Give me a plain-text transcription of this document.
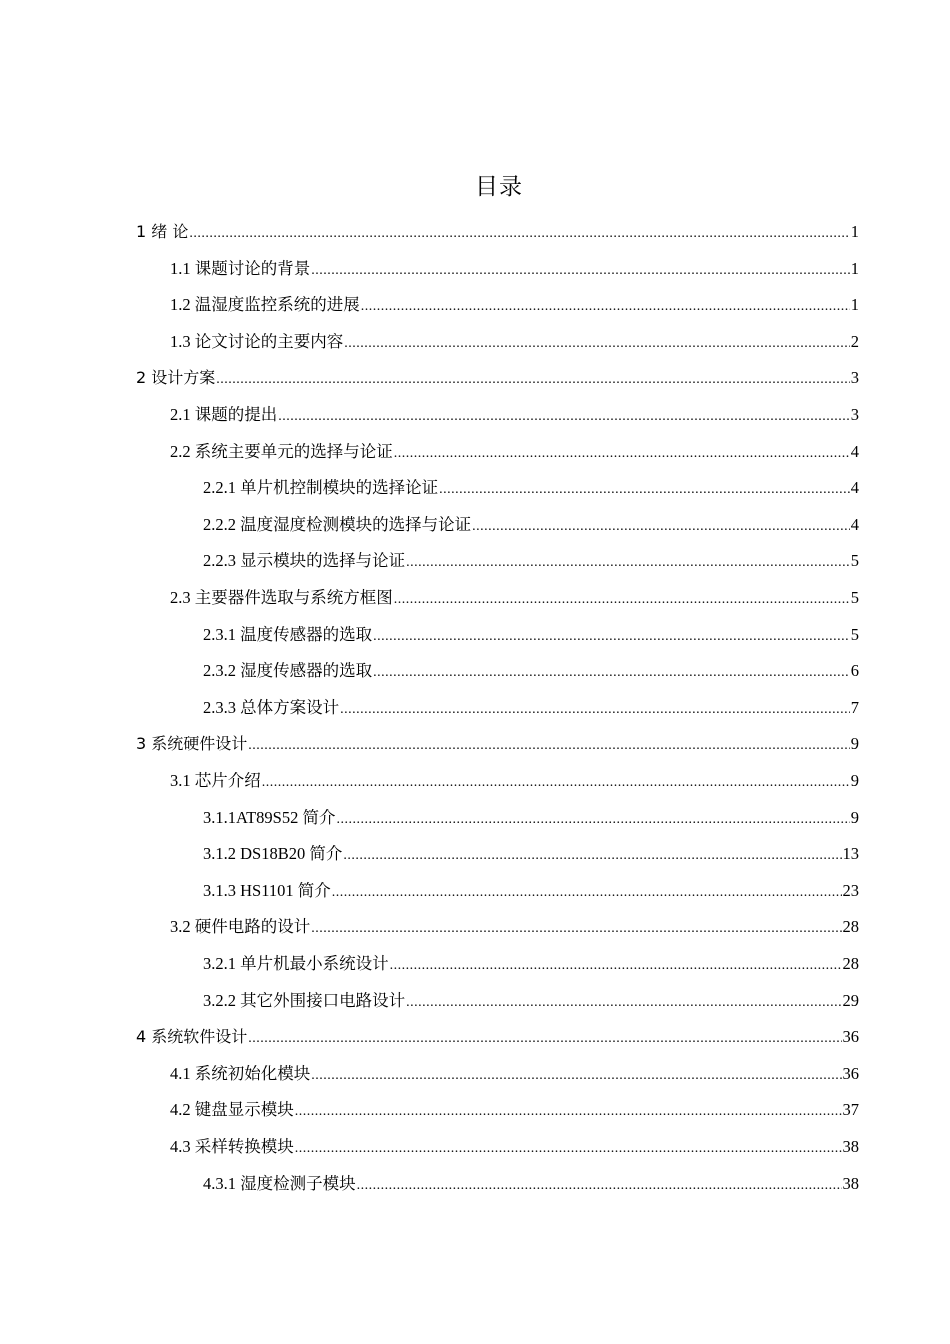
目录
1 绪 论 .....	1
1.1 课题讨论的背景 .....	1
1.2 温湿度监控系统的进展 .....	1
1.3 论文讨论的主要内容 .....	2
2 设计方案 .....	3
2.1 课题的提出 .....	3
2.2 系统主要单元的选择与论证 .....	4
2.2.1 单片机控制模块的选择论证 .....	4
2.2.2 温度湿度检测模块的选择与论证 .....	4
2.2.3 显示模块的选择与论证 .....	5
2.3 主要器件选取与系统方框图 .....	5
2.3.1 温度传感器的选取 .....	5
2.3.2 湿度传感器的选取 .....	6
2.3.3 总体方案设计 .....	7
3 系统硬件设计 .....	9
3.1 芯片介绍 .....	9
3.1.1AT89S52 简介 .....	9
3.1.2 DS18B20 简介 .....	13
3.1.3 HS1101 简介 .....	23
3.2 硬件电路的设计 .....	28
3.2.1 单片机最小系统设计 .....	28
3.2.2 其它外围接口电路设计 .....	29
4 系统软件设计 .....	36
4.1 系统初始化模块 .....	36
4.2 键盘显示模块 .....	37
4.3 采样转换模块 .....	38
4.3.1 湿度检测子模块 .....	38
